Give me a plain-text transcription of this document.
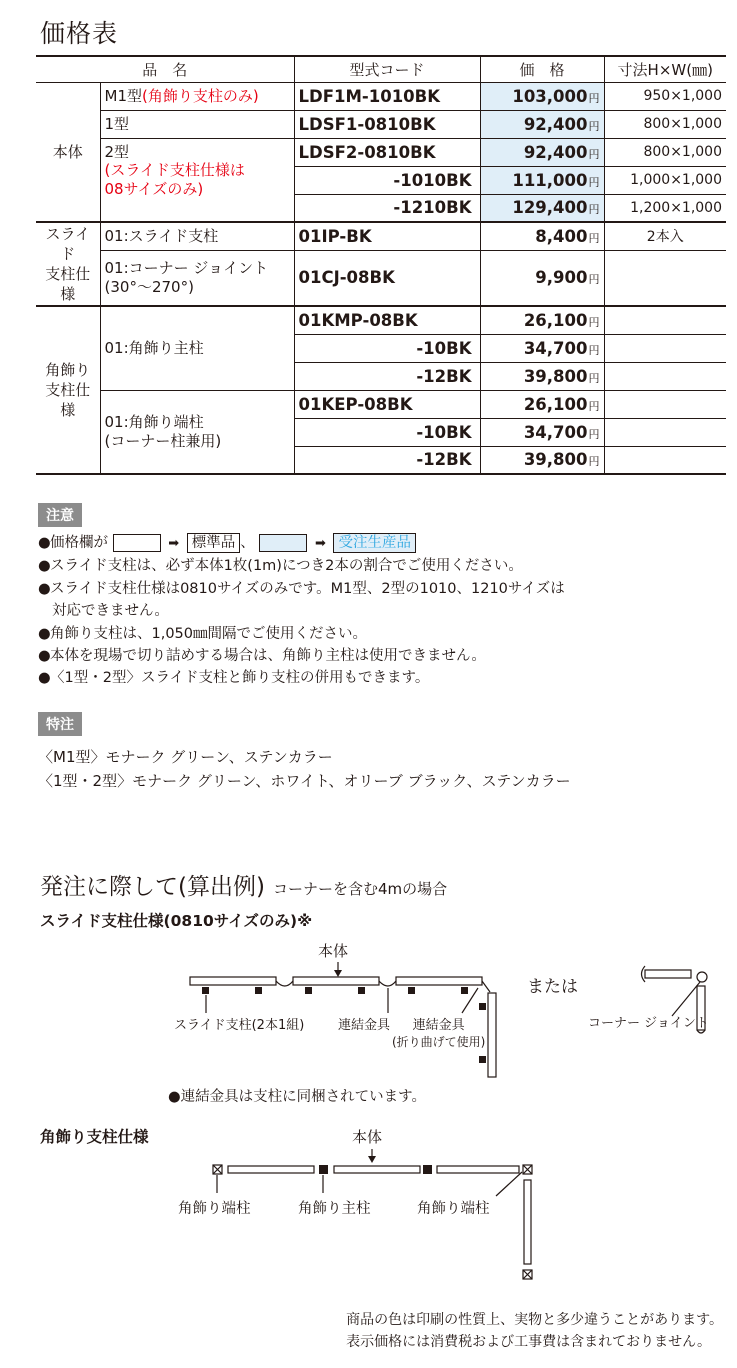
価格表
品　名		型式コード	価　格	寸法H×W(㎜)
本体	M1型(角飾り支柱のみ)	LDF1M-1010BK	103,000円	950×1,000
	1型	LDSF1-0810BK	92,400円	800×1,000

	2型
(スライド支柱仕様は
08サイズのみ)	LDSF2-0810BK	92,400円	800×1,000
		-1010BK	111,000円	1,000×1,000
		-1210BK	129,400円	1,200×1,000
スライド
支柱仕様	01:スライド支柱	01IP-BK	8,400円	2本入
	01:コーナー ジョイント
(30°〜270°)	01CJ-08BK	9,900円	
角飾り
支柱仕様	01:角飾り主柱	01KMP-08BK	26,100円	
		-10BK	34,700円	
		-12BK	39,800円	
	01:角飾り端柱
(コーナー柱兼用)	01KEP-08BK	26,100円	
		-10BK	34,700円	
		-12BK	39,800円	
注意
●価格欄が	➡ 標準品 、	➡ 受注生産品
●スライド支柱は、必ず本体1枚(1m)につき2本の割合でご使用ください。
●スライド支柱仕様は0810サイズのみです。M1型、2型の1010、1210サイズは
対応できません。
●角飾り支柱は、1,050㎜間隔でご使用ください。
●本体を現場で切り詰めする場合は、角飾り主柱は使用できません。
●〈1型・2型〉スライド支柱と飾り支柱の併用もできます。
特注
〈M1型〉モナーク グリーン、ステンカラー
〈1型・2型〉モナーク グリーン、ホワイト、オリーブ ブラック、ステンカラー
発注に際して(算出例) コーナーを含む4mの場合
スライド支柱仕様(0810サイズのみ)※
本体
スライド支柱(2本1組)	連結金具	連結金具
(折り曲げて使用)
または
コーナー ジョイント
●連結金具は支柱に同梱されています。
角飾り支柱仕様	本体
角飾り端柱	角飾り主柱	角飾り端柱
商品の色は印刷の性質上、実物と多少違うことがあります。
表示価格には消費税および工事費は含まれておりません。
